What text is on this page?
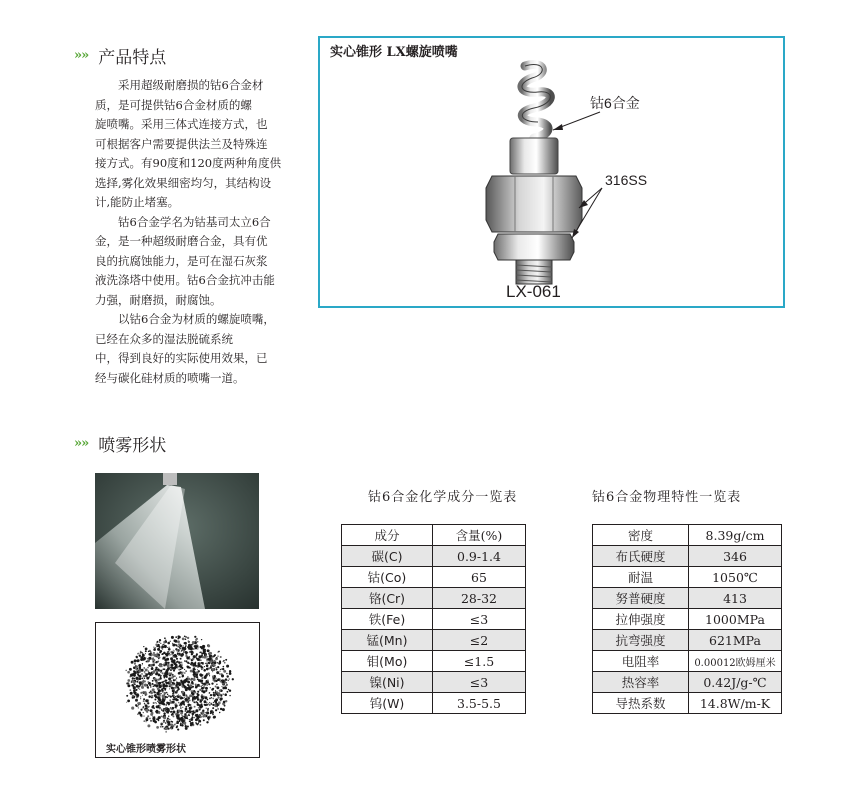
»» 产品特点

采用超级耐磨损的钴6合金材
质，是可提供钴6合金材质的螺
旋喷嘴。采用三体式连接方式，也
可根据客户需要提供法兰及特殊连
接方式。有90度和120度两种角度供
选择,雾化效果细密均匀，其结构设
计,能防止堵塞。

钴6合金学名为钴基司太立6合
金，是一种超级耐磨合金，具有优
良的抗腐蚀能力，是可在湿石灰浆
液洗涤塔中使用。钴6合金抗冲击能
力强，耐磨损，耐腐蚀。

以钴6合金为材质的螺旋喷嘴，
已经在众多的湿法脱硫系统
中，得到良好的实际使用效果，已
经与碳化硅材质的喷嘴一道。

实心锥形 LX螺旋喷嘴
钴6合金
316SS
LX-061
»» 喷雾形状
实心锥形喷雾形状
钴6合金化学成分一览表
成分	含量(%)
碳(C)	0.9-1.4
钴(Co)	65
铬(Cr)	28-32
铁(Fe)	≤3
锰(Mn)	≤2
钼(Mo)	≤1.5
镍(Ni)	≤3
钨(W)	3.5-5.5
钴6合金物理特性一览表
密度	8.39g/cm
布氏硬度	346
耐温	1050℃
努普硬度	413
拉伸强度	1000MPa
抗弯强度	621MPa
电阻率	0.00012欧姆厘米
热容率	0.42J/g-℃
导热系数	14.8W/m-K
